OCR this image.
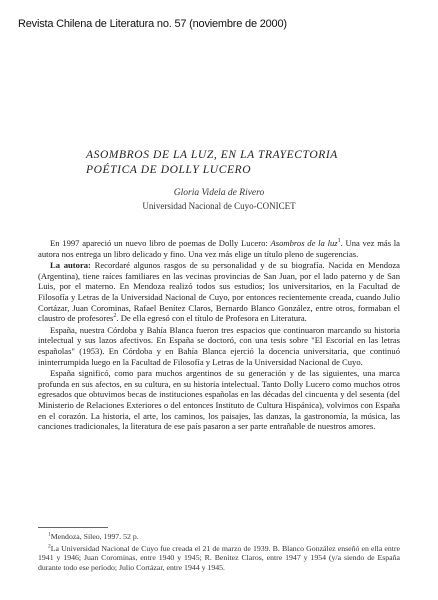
Revista Chilena de Literatura no. 57 (noviembre de 2000)
ASOMBROS DE LA LUZ, EN LA TRAYECTORIA POÉTICA DE DOLLY LUCERO
Gloria Videla de Rivero
Universidad Nacional de Cuyo-CONICET

En 1997 apareció un nuevo libro de poemas de Dolly Lucero: Asombros de la luz$^1$. Una vez más la autora nos entrega un libro delicado y fino. Una vez más elige un título pleno de sugerencias.

La autora: Recordaré algunos rasgos de su personalidad y de su biografía. Nacida en Mendoza (Argentina), tiene raíces familiares en las vecinas provincias de San Juan, por el lado paterno y de San Luis, por el materno. En Mendoza realizó todos sus estudios; los universitarios, en la Facultad de Filosofía y Letras de la Universidad Nacional de Cuyo, por entonces recientemente creada, cuando Julio Cortázar, Juan Corominas, Rafael Benítez Claros, Bernardo Blanco González, entre otros, formaban el claustro de profesores$^2$. De ella egresó con el título de Profesora en Literatura.

España, nuestra Córdoba y Bahía Blanca fueron tres espacios que continuaron marcando su historia intelectual y sus lazos afectivos. En España se doctoró, con una tesis sobre "El Escorial en las letras españolas" (1953). En Córdoba y en Bahía Blanca ejerció la docencia universitaria, que continuó ininterrumpida luego en la Facultad de Filosofía y Letras de la Universidad Nacional de Cuyo.

España significó, como para muchos argentinos de su generación y de las siguientes, una marca profunda en sus afectos, en su cultura, en su historia intelectual. Tanto Dolly Lucero como muchos otros egresados que obtuvimos becas de instituciones españolas en las décadas del cincuenta y del sesenta (del Ministerio de Relaciones Exteriores o del entonces Instituto de Cultura Hispánica), volvimos con España en el corazón. La historia, el arte, los caminos, los paisajes, las danzas, la gastronomía, la música, las canciones tradicionales, la literatura de ese país pasaron a ser parte entrañable de nuestros amores.

$^1$Mendoza, Sileo, 1997. 52 p.

$^2$La Universidad Nacional de Cuyo fue creada el 21 de marzo de 1939. B. Blanco González enseñó en ella entre 1941 y 1946; Juan Corominas, entre 1940 y 1945; R. Benítez Claros, entre 1947 y 1954 (y/a siendo de España durante todo ese período; Julio Cortázar, entre 1944 y 1945.
